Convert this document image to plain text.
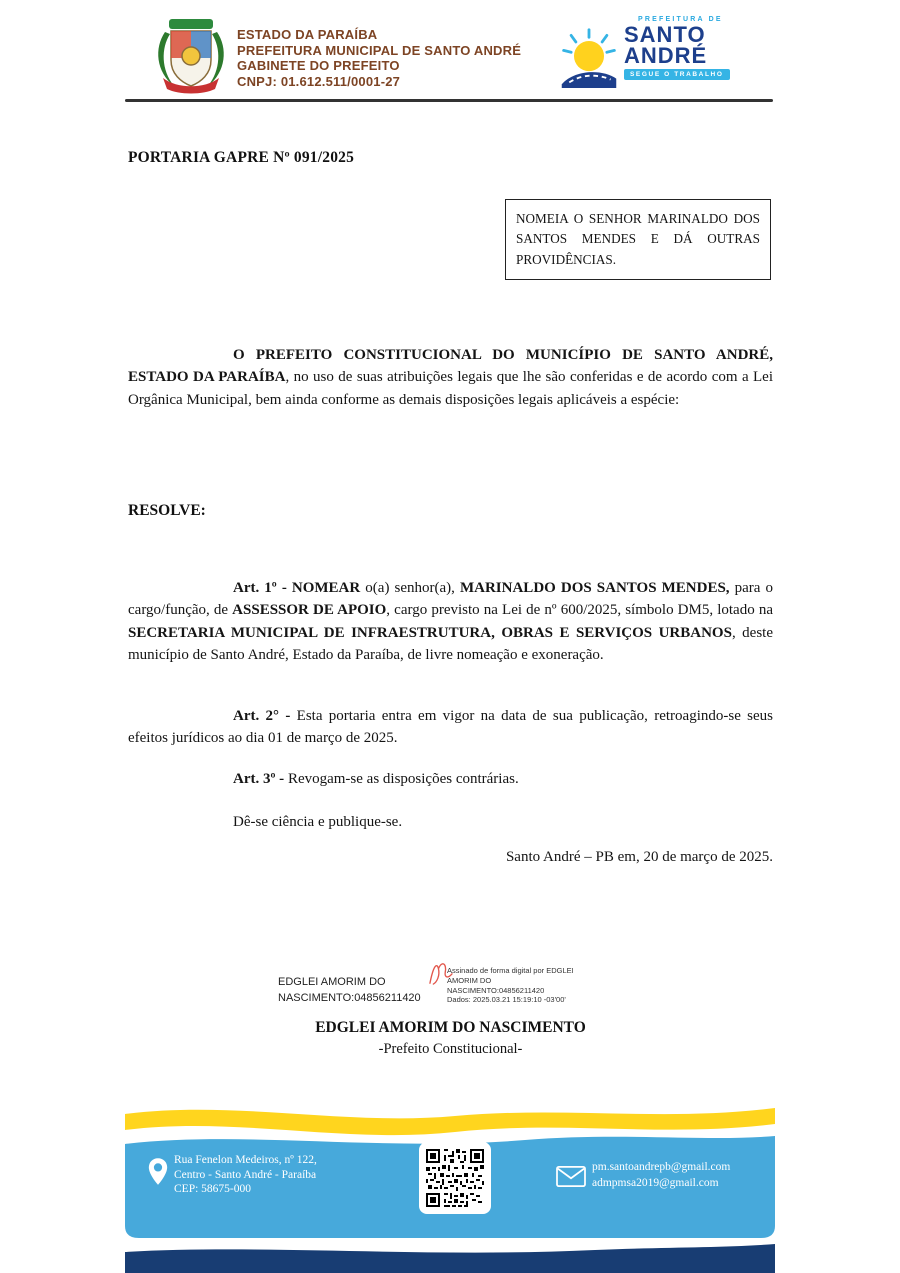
ESTADO DA PARAÍBA
PREFEITURA MUNICIPAL DE SANTO ANDRÉ
GABINETE DO PREFEITO
CNPJ: 01.612.511/0001-27
PREFEITURA DE
SANTO
ANDRÉ
SEGUE O TRABALHO
PORTARIA GAPRE Nº 091/2025
NOMEIA O SENHOR MARINALDO DOS SANTOS MENDES E DÁ OUTRAS PROVIDÊNCIAS.

O PREFEITO CONSTITUCIONAL DO MUNICÍPIO DE SANTO ANDRÉ, ESTADO DA PARAÍBA, no uso de suas atribuições legais que lhe são conferidas e de acordo com a Lei Orgânica Municipal, bem ainda conforme as demais disposições legais aplicáveis a espécie:

RESOLVE:

Art. 1º - NOMEAR o(a) senhor(a), MARINALDO DOS SANTOS MENDES, para o cargo/função, de ASSESSOR DE APOIO, cargo previsto na Lei de nº 600/2025, símbolo DM5, lotado na SECRETARIA MUNICIPAL DE INFRAESTRUTURA, OBRAS E SERVIÇOS URBANOS, deste município de Santo André, Estado da Paraíba, de livre nomeação e exoneração.

Art. 2° - Esta portaria entra em vigor na data de sua publicação, retroagindo-se seus efeitos jurídicos ao dia 01 de março de 2025.

Art. 3º - Revogam-se as disposições contrárias.

Dê-se ciência e publique-se.

Santo André – PB em, 20 de março de 2025.
EDGLEI AMORIM DO
NASCIMENTO:04856211420
Assinado de forma digital por EDGLEI
AMORIM DO
NASCIMENTO:04856211420
Dados: 2025.03.21 15:19:10 -03'00'
EDGLEI AMORIM DO NASCIMENTO
-Prefeito Constitucional-
Rua Fenelon Medeiros, nº 122,
Centro - Santo André - Paraíba
CEP: 58675-000
pm.santoandrepb@gmail.com
admpmsa2019@gmail.com
